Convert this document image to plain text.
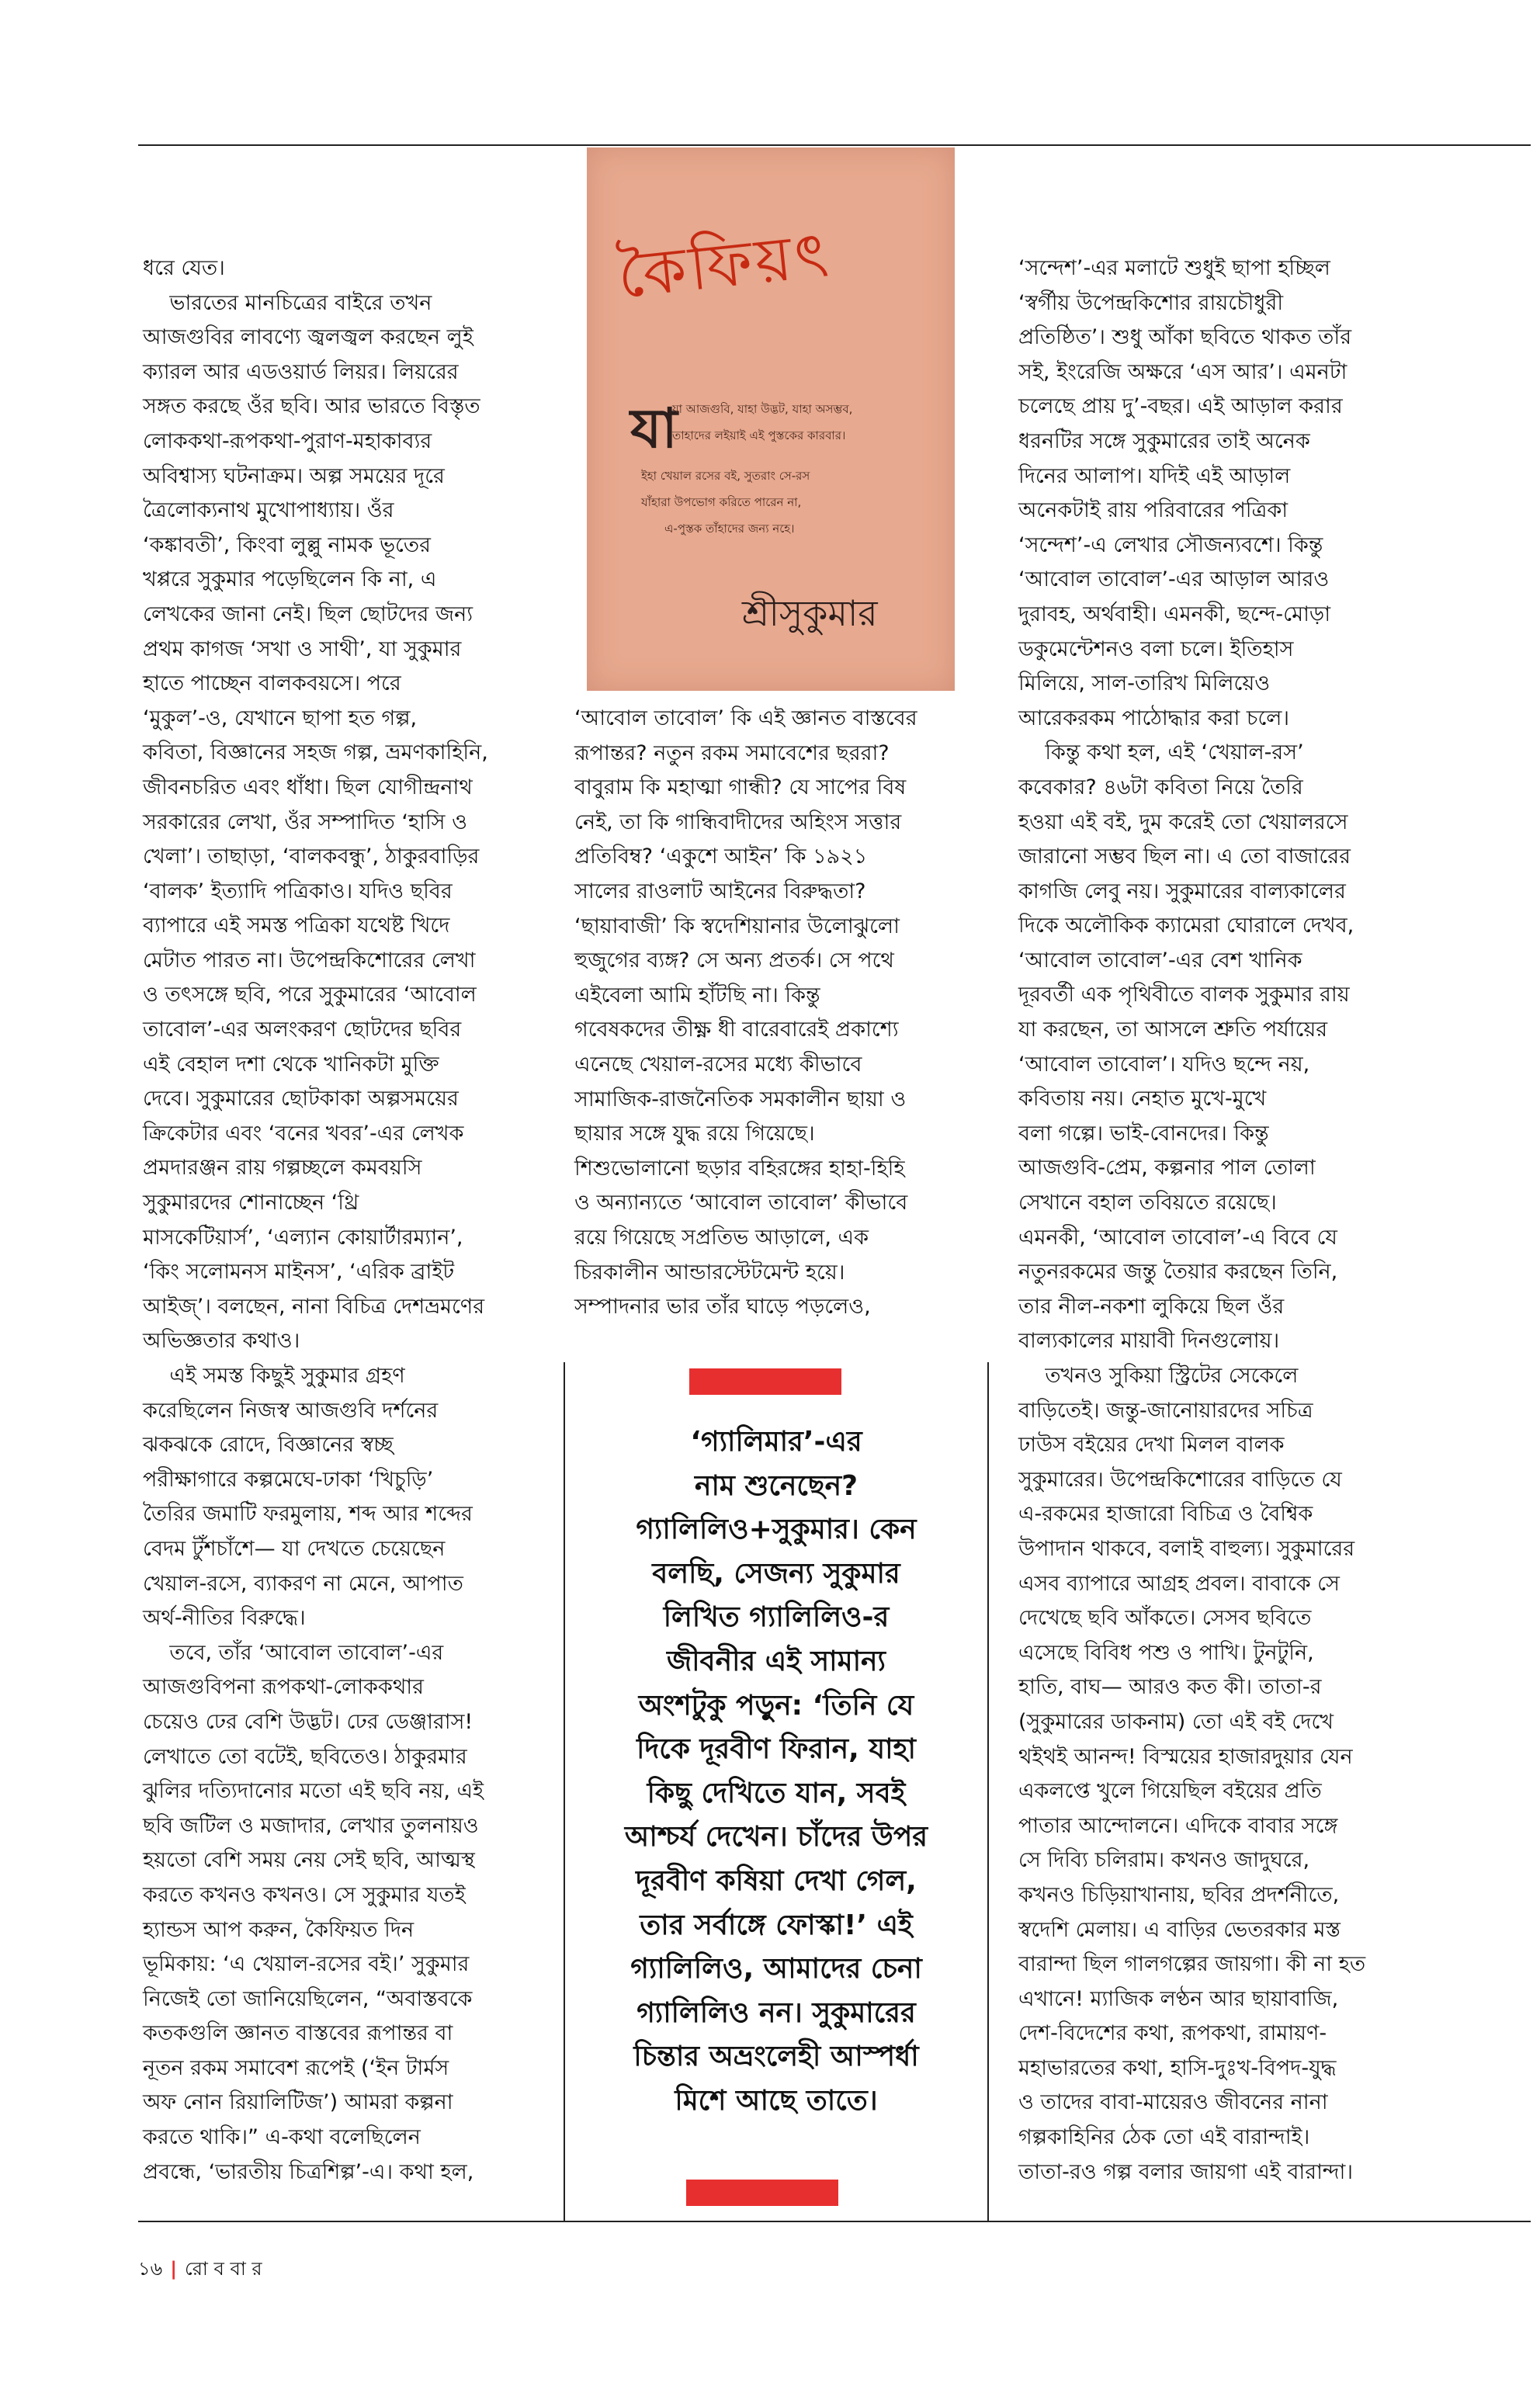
কৈফিয়ৎ
যা
যা আজগুবি, যাহা উদ্ভট, যাহা অসম্ভব,
তাহাদের লইয়াই এই পুস্তকের কারবার।
ইহা খেয়াল রসের বই, সুতরাং সে-রস
যাঁহারা উপভোগ করিতে পারেন না,
এ-পুস্তক তাঁহাদের জন্য নহে।
শ্রীসুকুমার
ধরে যেত।
ভারতের মানচিত্রের বাইরে তখন
আজগুবির লাবণ্যে জ্বলজ্বল করছেন লুই
ক্যারল আর এডওয়ার্ড লিয়র। লিয়রের
সঙ্গত করছে ওঁর ছবি। আর ভারতে বিস্তৃত
লোককথা-রূপকথা-পুরাণ-মহাকাব্যর
অবিশ্বাস্য ঘটনাক্রম। অল্প সময়ের দূরে
ত্রৈলোক্যনাথ মুখোপাধ্যায়। ওঁর
‘কঙ্কাবতী’, কিংবা লুল্লু নামক ভূতের
খপ্পরে সুকুমার পড়েছিলেন কি না, এ
লেখকের জানা নেই। ছিল ছোটদের জন্য
প্রথম কাগজ ‘সখা ও সাথী’, যা সুকুমার
হাতে পাচ্ছেন বালকবয়সে। পরে
‘মুকুল’-ও, যেখানে ছাপা হত গল্প,
কবিতা, বিজ্ঞানের সহজ গল্প, ভ্রমণকাহিনি,
জীবনচরিত এবং ধাঁধা। ছিল যোগীন্দ্রনাথ
সরকারের লেখা, ওঁর সম্পাদিত ‘হাসি ও
খেলা’। তাছাড়া, ‘বালকবন্ধু’, ঠাকুরবাড়ির
‘বালক’ ইত্যাদি পত্রিকাও। যদিও ছবির
ব্যাপারে এই সমস্ত পত্রিকা যথেষ্ট খিদে
মেটাত পারত না। উপেন্দ্রকিশোরের লেখা
ও তৎসঙ্গে ছবি, পরে সুকুমারের ‘আবোল
তাবোল’-এর অলংকরণ ছোটদের ছবির
এই বেহাল দশা থেকে খানিকটা মুক্তি
দেবে। সুকুমারের ছোটকাকা অল্পসময়ের
ক্রিকেটার এবং ‘বনের খবর’-এর লেখক
প্রমদারঞ্জন রায় গল্পচ্ছলে কমবয়সি
সুকুমারদের শোনাচ্ছেন ‘থ্রি
মাসকেটিয়ার্স’, ‘এল্যান কোয়ার্টারম্যান’,
‘কিং সলোমনস মাইনস’, ‘এরিক ব্রাইট
আইজ্’। বলছেন, নানা বিচিত্র দেশভ্রমণের
অভিজ্ঞতার কথাও।
এই সমস্ত কিছুই সুকুমার গ্রহণ
করেছিলেন নিজস্ব আজগুবি দর্শনের
ঝকঝকে রোদে, বিজ্ঞানের স্বচ্ছ
পরীক্ষাগারে কল্পমেঘে-ঢাকা ‘খিচুড়ি’
তৈরির জমাটি ফরমুলায়, শব্দ আর শব্দের
বেদম টুঁশচাঁশে— যা দেখতে চেয়েছেন
খেয়াল-রসে, ব্যাকরণ না মেনে, আপাত
অর্থ-নীতির বিরুদ্ধে।
তবে, তাঁর ‘আবোল তাবোল’-এর
আজগুবিপনা রূপকথা-লোককথার
চেয়েও ঢের বেশি উদ্ভট। ঢের ডেঞ্জারাস!
লেখাতে তো বটেই, ছবিতেও। ঠাকুরমার
ঝুলির দত্যিদানোর মতো এই ছবি নয়, এই
ছবি জটিল ও মজাদার, লেখার তুলনায়ও
হয়তো বেশি সময় নেয় সেই ছবি, আত্মস্থ
করতে কখনও কখনও। সে সুকুমার যতই
হ্যান্ডস আপ করুন, কৈফিয়ত দিন
ভূমিকায়: ‘এ খেয়াল-রসের বই।’ সুকুমার
নিজেই তো জানিয়েছিলেন, “অবাস্তবকে
কতকগুলি জ্ঞানত বাস্তবের রূপান্তর বা
নূতন রকম সমাবেশ রূপেই (‘ইন টার্মস
অফ নোন রিয়ালিটিজ’) আমরা কল্পনা
করতে থাকি।” এ-কথা বলেছিলেন
প্রবন্ধে, ‘ভারতীয় চিত্রশিল্প’-এ। কথা হল,
‘আবোল তাবোল’ কি এই জ্ঞানত বাস্তবের
রূপান্তর? নতুন রকম সমাবেশের ছররা?
বাবুরাম কি মহাত্মা গান্ধী? যে সাপের বিষ
নেই, তা কি গান্ধিবাদীদের অহিংস সত্তার
প্রতিবিম্ব? ‘একুশে আইন’ কি ১৯২১
সালের রাওলাট আইনের বিরুদ্ধতা?
‘ছায়াবাজী’ কি স্বদেশিয়ানার উলোঝুলো
হুজুগের ব্যঙ্গ? সে অন্য প্রতর্ক। সে পথে
এইবেলা আমি হাঁটছি না। কিন্তু
গবেষকদের তীক্ষ্ণ ধী বারেবারেই প্রকাশ্যে
এনেছে খেয়াল-রসের মধ্যে কীভাবে
সামাজিক-রাজনৈতিক সমকালীন ছায়া ও
ছায়ার সঙ্গে যুদ্ধ রয়ে গিয়েছে।
শিশুভোলানো ছড়ার বহিরঙ্গের হাহা-হিহি
ও অন্যান্যতে ‘আবোল তাবোল’ কীভাবে
রয়ে গিয়েছে সপ্রতিভ আড়ালে, এক
চিরকালীন আন্ডারস্টেটমেন্ট হয়ে।
সম্পাদনার ভার তাঁর ঘাড়ে পড়লেও,
‘সন্দেশ’-এর মলাটে শুধুই ছাপা হচ্ছিল
‘স্বর্গীয় উপেন্দ্রকিশোর রায়চৌধুরী
প্রতিষ্ঠিত’। শুধু আঁকা ছবিতে থাকত তাঁর
সই, ইংরেজি অক্ষরে ‘এস আর’। এমনটা
চলেছে প্রায় দু’-বছর। এই আড়াল করার
ধরনটির সঙ্গে সুকুমারের তাই অনেক
দিনের আলাপ। যদিই এই আড়াল
অনেকটাই রায় পরিবারের পত্রিকা
‘সন্দেশ’-এ লেখার সৌজন্যবশে। কিন্তু
‘আবোল তাবোল’-এর আড়াল আরও
দুরাবহ, অর্থবাহী। এমনকী, ছন্দে-মোড়া
ডকুমেন্টেশনও বলা চলে। ইতিহাস
মিলিয়ে, সাল-তারিখ মিলিয়েও
আরেকরকম পাঠোদ্ধার করা চলে।
কিন্তু কথা হল, এই ‘খেয়াল-রস’
কবেকার? ৪৬টা কবিতা নিয়ে তৈরি
হওয়া এই বই, দুম করেই তো খেয়ালরসে
জারানো সম্ভব ছিল না। এ তো বাজারের
কাগজি লেবু নয়। সুকুমারের বাল্যকালের
দিকে অলৌকিক ক্যামেরা ঘোরালে দেখব,
‘আবোল তাবোল’-এর বেশ খানিক
দূরবর্তী এক পৃথিবীতে বালক সুকুমার রায়
যা করছেন, তা আসলে শ্রুতি পর্যায়ের
‘আবোল তাবোল’। যদিও ছন্দে নয়,
কবিতায় নয়। নেহাত মুখে-মুখে
বলা গল্পে। ভাই-বোনদের। কিন্তু
আজগুবি-প্রেম, কল্পনার পাল তোলা
সেখানে বহাল তবিয়তে রয়েছে।
এমনকী, ‘আবোল তাবোল’-এ বিবে যে
নতুনরকমের জন্তু তৈয়ার করছেন তিনি,
তার নীল-নকশা লুকিয়ে ছিল ওঁর
বাল্যকালের মায়াবী দিনগুলোয়।
তখনও সুকিয়া স্ট্রিটের সেকেলে
বাড়িতেই। জন্তু-জানোয়ারদের সচিত্র
ঢাউস বইয়ের দেখা মিলল বালক
সুকুমারের। উপেন্দ্রকিশোরের বাড়িতে যে
এ-রকমের হাজারো বিচিত্র ও বৈশ্বিক
উপাদান থাকবে, বলাই বাহুল্য। সুকুমারের
এসব ব্যাপারে আগ্রহ প্রবল। বাবাকে সে
দেখেছে ছবি আঁকতে। সেসব ছবিতে
এসেছে বিবিধ পশু ও পাখি। টুনটুনি,
হাতি, বাঘ— আরও কত কী। তাতা-র
(সুকুমারের ডাকনাম) তো এই বই দেখে
থইথই আনন্দ! বিস্ময়ের হাজারদুয়ার যেন
একলপ্তে খুলে গিয়েছিল বইয়ের প্রতি
পাতার আন্দোলনে। এদিকে বাবার সঙ্গে
সে দিব্যি চলিরাম। কখনও জাদুঘরে,
কখনও চিড়িয়াখানায়, ছবির প্রদর্শনীতে,
স্বদেশি মেলায়। এ বাড়ির ভেতরকার মস্ত
বারান্দা ছিল গালগল্পের জায়গা। কী না হত
এখানে! ম্যাজিক লণ্ঠন আর ছায়াবাজি,
দেশ-বিদেশের কথা, রূপকথা, রামায়ণ-
মহাভারতের কথা, হাসি-দুঃখ-বিপদ-যুদ্ধ
ও তাদের বাবা-মায়েরও জীবনের নানা
গল্পকাহিনির ঠেক তো এই বারান্দাই।
তাতা-রও গল্প বলার জায়গা এই বারান্দা।
‘গ্যালিমার’-এর
নাম শুনেছেন?
গ্যালিলিও+সুকুমার। কেন
বলছি, সেজন্য সুকুমার
লিখিত গ্যালিলিও-র
জীবনীর এই সামান্য
অংশটুকু পড়ুন: ‘তিনি যে
দিকে দূরবীণ ফিরান, যাহা
কিছু দেখিতে যান, সবই
আশ্চর্য দেখেন। চাঁদের উপর
দূরবীণ কষিয়া দেখা গেল,
তার সর্বাঙ্গে ফোস্কা!’ এই
গ্যালিলিও, আমাদের চেনা
গ্যালিলিও নন। সুকুমারের
চিন্তার অভ্রংলেহী আস্পর্ধা
মিশে আছে তাতে।
১৬ | রো ব বা র
